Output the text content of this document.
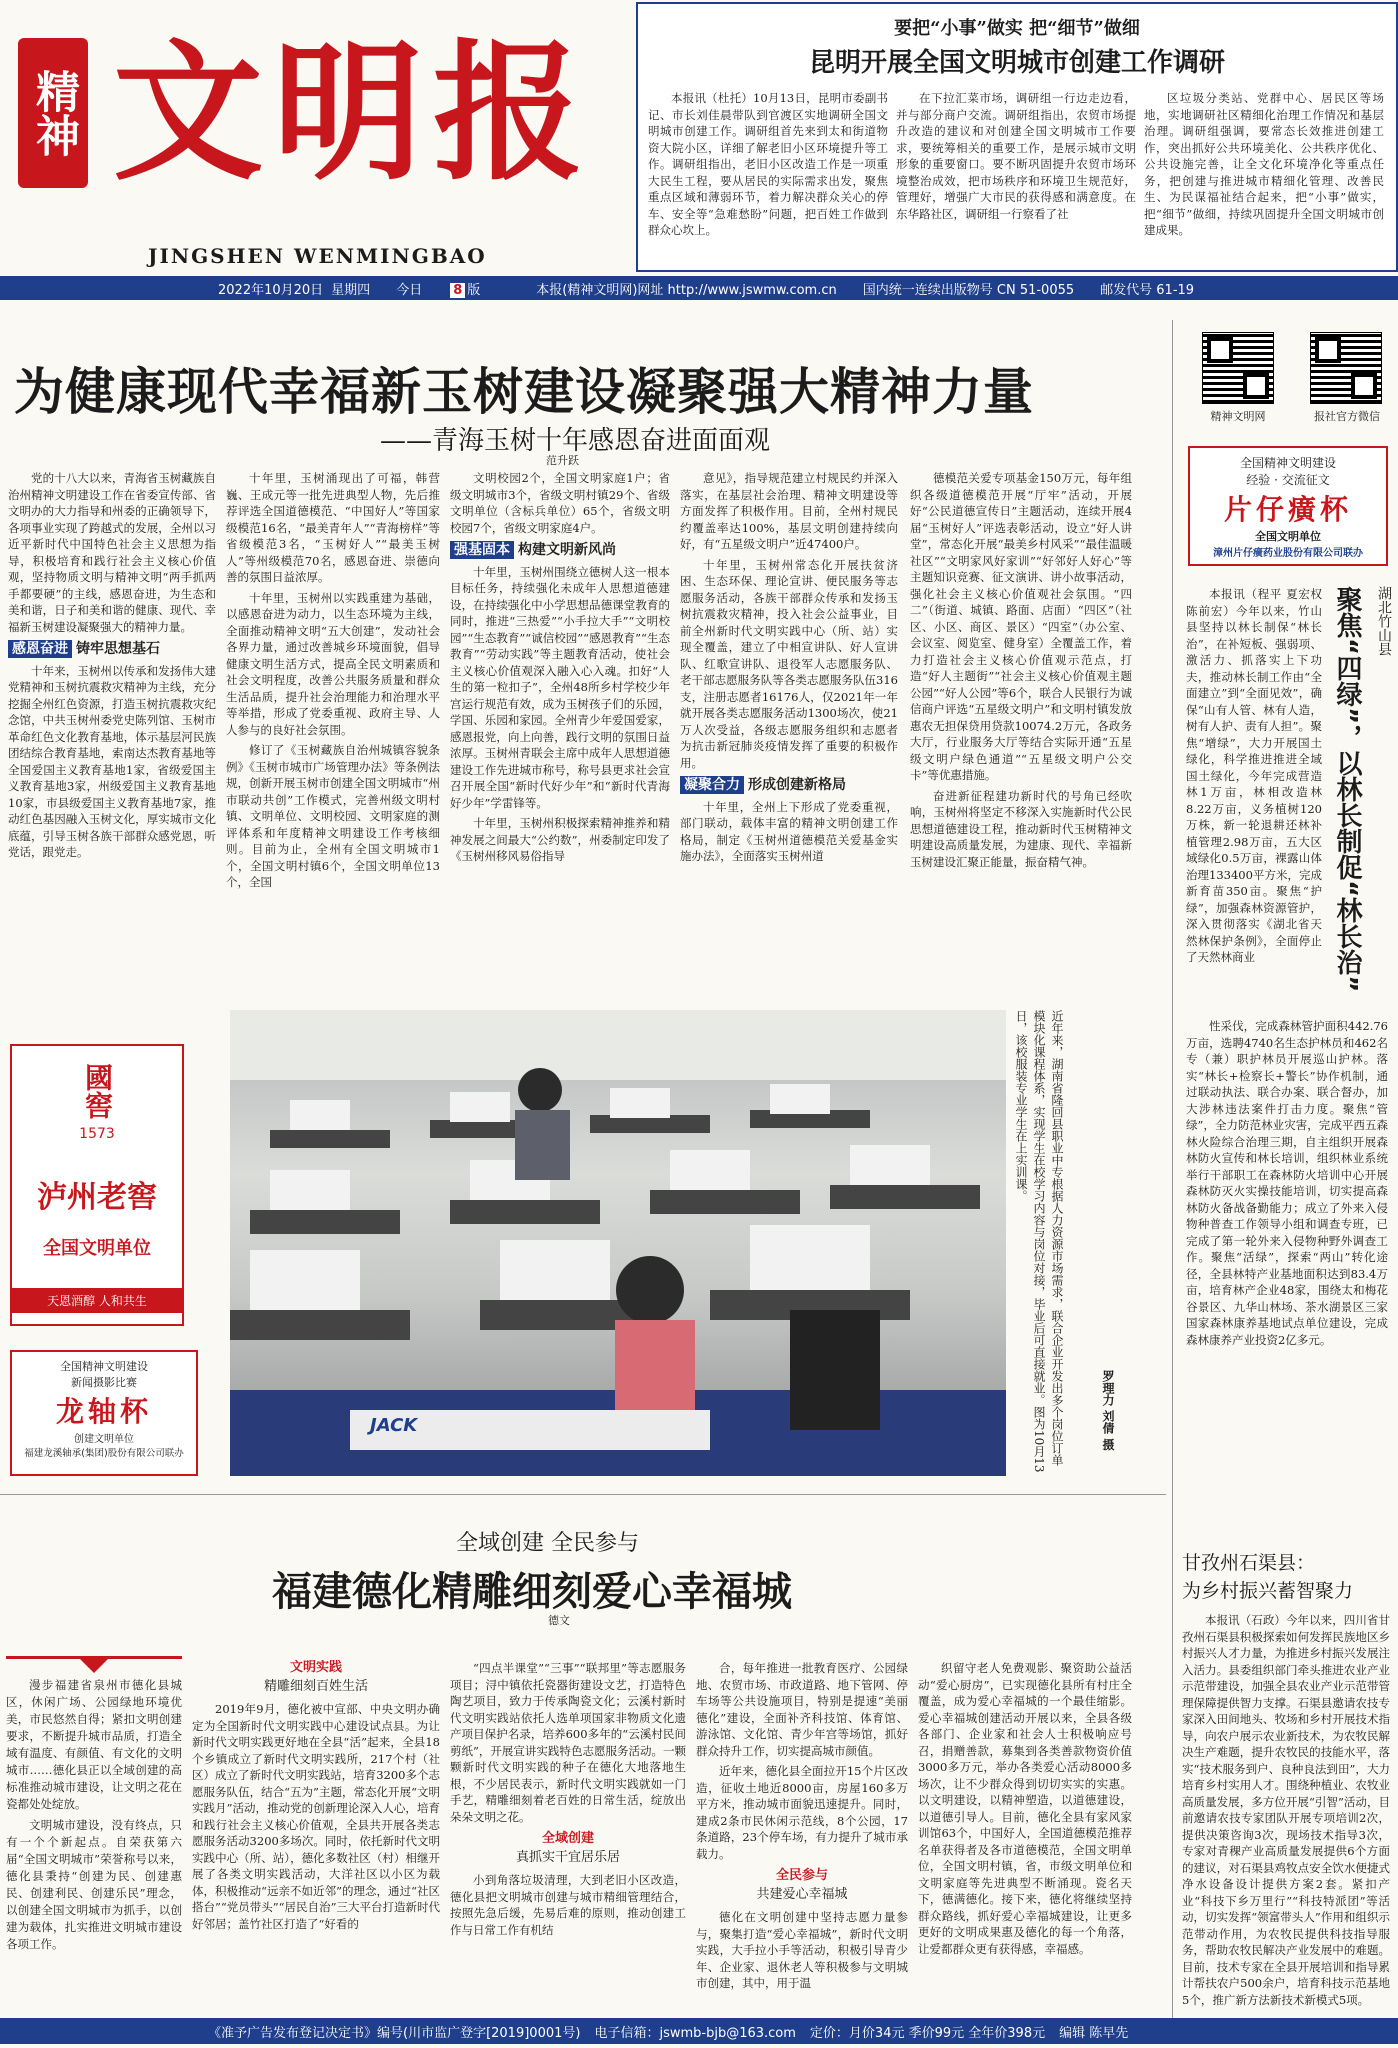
精神 文 明 报
JINGSHEN WENMINGBAO
要把“小事”做实 把“细节”做细
昆明开展全国文明城市创建工作调研

本报讯（杜托）10月13日，昆明市委副书记、市长刘佳晨带队到官渡区实地调研全国文明城市创建工作。调研组首先来到太和街道物资大院小区，详细了解老旧小区环境提升等工作。调研组指出，老旧小区改造工作是一项重大民生工程，要从居民的实际需求出发，聚焦重点区域和薄弱环节，着力解决群众关心的停车、安全等“急难愁盼”问题，把百姓工作做到群众心坎上。

在下拉汇菜市场，调研组一行边走边看，并与部分商户交流。调研组指出，农贸市场提升改造的建议和对创建全国文明城市工作要求，要统筹相关的重要工作，是展示城市文明形象的重要窗口。要不断巩固提升农贸市场环境整治成效，把市场秩序和环境卫生规范好，管理好，增强广大市民的获得感和满意度。在东华路社区，调研组一行察看了社

区垃圾分类站、党群中心、居民区等场地，实地调研社区精细化治理工作情况和基层治理。调研组强调，要常态长效推进创建工作，突出抓好公共环境美化、公共秩序优化、公共设施完善，让全文化环境净化等重点任务，把创建与推进城市精细化管理、改善民生、为民谋福祉结合起来，把“小事”做实，把“细节”做细，持续巩固提升全国文明城市创建成果。

2022年10月20日 星期四 今日 8 版	本报(精神文明网)网址 http://www.jswmw.com.cn 国内统一连续出版物号 CN 51-0055 邮发代号 61-19
为健康现代幸福新玉树建设凝聚强大精神力量
——青海玉树十年感恩奋进面面观
范升跃

党的十八大以来，青海省玉树藏族自治州精神文明建设工作在省委宣传部、省文明办的大力指导和州委的正确领导下，各项事业实现了跨越式的发展，全州以习近平新时代中国特色社会主义思想为指导，积极培育和践行社会主义核心价值观，坚持物质文明与精神文明“两手抓两手都要硬”的主线，感恩奋进，为生态和美和谐，日子和美和谐的健康、现代、幸福新玉树建设凝聚强大的精神力量。

感恩奋进 铸牢思想基石

十年来，玉树州以传承和发扬伟大建党精神和玉树抗震救灾精神为主线，充分挖掘全州红色资源，打造玉树抗震救灾纪念馆，中共玉树州委党史陈列馆、玉树市革命红色文化教育基地，体示基层河民族团结综合教育基地，索南达杰教育基地等全国爱国主义教育基地1家，省级爱国主义教育基地3家，州级爱国主义教育基地10家，市县级爱国主义教育基地7家，推动红色基因融入玉树文化，厚实城市文化底蕴，引导玉树各族干部群众感党恩，听党话，跟党走。

十年里，玉树涌现出了可福，韩营巍、王成元等一批先进典型人物，先后推荐评选全国道德模范、“中国好人”等国家级模范16名，“最美青年人”“青海榜样”等省级模范3名，“玉树好人”“最美玉树人”等州级模范70名，感恩奋进、崇德向善的氛围日益浓厚。

十年里，玉树州以实践重建为基础，以感恩奋进为动力，以生态环境为主线，全面推动精神文明“五大创建”，发动社会各界力量，通过改善城乡环境面貌，倡导健康文明生活方式，提高全民文明素质和社会文明程度，改善公共服务质量和群众生活品质，提升社会治理能力和治理水平等举措，形成了党委重视、政府主导、人人参与的良好社会氛围。

修订了《玉树藏族自治州城镇容貌条例》《玉树市城市广场管理办法》等条例法规，创新开展玉树市创建全国文明城市“州市联动共创”工作模式，完善州级文明村镇、文明单位、文明校园、文明家庭的测评体系和年度精神文明建设工作考核细则。目前为止，全州有全国文明城市1个，全国文明村镇6个，全国文明单位13个，全国

文明校园2个，全国文明家庭1户；省级文明城市3个，省级文明村镇29个、省级文明单位（含标兵单位）65个，省级文明校园7个，省级文明家庭4户。

强基固本 构建文明新风尚

十年里，玉树州围绕立德树人这一根本目标任务，持续强化未成年人思想道德建设，在持续强化中小学思想品德课堂教育的同时，推进“三热爱”“小手拉大手”“文明校园”“生态教育”“诚信校园”“感恩教育”“生态教育”“劳动实践”等主题教育活动，使社会主义核心价值观深入融入心入魂。扣好“人生的第一粒扣子”，全州48所乡村学校少年宫运行规范有效，成为玉树孩子们的乐园，学国、乐园和家园。全州青少年爱国爱家，感恩报党，向上向善，践行文明的氛围日益浓厚。玉树州青联会主席中成年人思想道德建设工作先进城市称号，称号县更求社会宣召开展全国“新时代好少年”和“新时代青海好少年”学雷锋等。

十年里，玉树州积极探索精神推养和精神发展之间最大“公约数”，州委制定印发了《玉树州移风易俗指导

意见》，指导规范建立村规民约并深入落实，在基层社会治理、精神文明建设等方面发挥了积极作用。目前，全州村规民约覆盖率达100%，基层文明创建持续向好，有“五星级文明户”近47400户。

十年里，玉树州常态化开展扶贫济困、生态环保、理论宣讲、便民服务等志愿服务活动，各族干部群众传承和发扬玉树抗震救灾精神，投入社会公益事业，目前全州新时代文明实践中心（所、站）实现全覆盖，建立了中相宣讲队、好人宣讲队、红歌宣讲队、退役军人志愿服务队、老干部志愿服务队等各类志愿服务队伍316支，注册志愿者16176人，仅2021年一年就开展各类志愿服务活动1300场次，使21万人次受益，各级志愿服务组织和志愿者为抗击新冠肺炎疫情发挥了重要的积极作用。

凝聚合力 形成创建新格局

十年里，全州上下形成了党委重视，部门联动，载体丰富的精神文明创建工作格局，制定《玉树州道德模范关爱基金实施办法》，全面落实玉树州道

德模范关爱专项基金150万元，每年组织各级道德模范开展“厅牢”活动，开展好“公民道德宣传日”主题活动，连续开展4届“玉树好人”评选表彰活动，设立“好人讲堂”，常态化开展“最美乡村风采”“最佳温暖社区”“文明家风好家训”“好邻好人好心”等主题知识竞赛、征文演讲、讲小故事活动，强化社会主义核心价值观社会氛围。“四二”（街道、城镇、路面、店面）“四区”（社区、小区、商区、景区）“四室”（办公室、会议室、阅览室、健身室）全覆盖工作，着力打造社会主义核心价值观示范点，打造“好人主题街”“社会主义核心价值观主题公园”“好人公园”等6个，联合人民银行为诚信商户评选“五星级文明户”和文明村镇发放惠农无担保贷用贷款10074.2万元，各政务大厅，行业服务大厅等结合实际开通“五星级文明户绿色通道”“五星级文明户公交卡”等优惠措施。

奋进新征程建功新时代的号角已经吹响，玉树州将坚定不移深入实施新时代公民思想道德建设工程，推动新时代玉树精神文明建设高质量发展，为建康、现代、幸福新玉树建设汇聚正能量，振奋精气神。

精神文明网	报社官方微信
全国精神文明建设
经验 · 交流征文
片仔癀杯
全国文明单位
漳州片仔癀药业股份有限公司联办
聚焦“四绿”，以林长制促“林长治” 湖北竹山县

本报讯（程平 夏宏权 陈前宏）今年以来，竹山县坚持以林长制保“林长治”，在补短板、强弱项、激活力、抓落实上下功夫，推动林长制工作由“全面建立”到“全面见效”，确保“山有人管、林有人造，树有人护、责有人担”。聚焦“增绿”，大力开展国土绿化，科学推进推进全域国土绿化，今年完成营造林1万亩，林相改造林8.22万亩，义务植树120万株，新一轮退耕还林补植管理2.98万亩，五大区域绿化0.5万亩，裸露山体治理133400平方米，完成新育苗350亩。聚焦“护绿”，加强森林资源管护，深入贯彻落实《湖北省天然林保护条例》，全面停止了天然林商业

性采伐，完成森林管护面积442.76万亩，选聘4740名生态护林员和462名专（兼）职护林员开展巡山护林。落实“林长+检察长+警长”协作机制，通过联动执法、联合办案、联合督办，加大涉林违法案件打击力度。聚焦“管绿”，全力防范林业灾害，完成平西五森林火险综合治理三期，自主组织开展森林防火宣传和林长培训，组织林业系统举行干部职工在森林防火培训中心开展森林防灭火实操技能培训，切实提高森林防火备战备勤能力；成立了外来入侵物种普查工作领导小组和调查专班，已完成了第一轮外来入侵物种野外调查工作。聚焦“活绿”，探索“两山”转化途径，全县林特产业基地面积达到83.4万亩，培育林产企业48家，围绕太和梅花谷景区、九华山林场、茶水湖景区三家国家森林康养基地试点单位建设，完成森林康养产业投资2亿多元。

JACK	近年来，湖南省隆回县职业中专根据人力资源市场需求，联合企业开发出多个岗位订单模块化课程体系，实现学生在校学习内容与岗位对接，毕业后可直接就业。图为10月13日，该校服装专业学生在上实训课。
罗理力 刘倩 摄
國窖
1573
泸州老窖
全国文明单位
天恩酒醇 人和共生
全国精神文明建设
新闻摄影比赛
龙轴杯
创建文明单位
福建龙溪轴承(集团)股份有限公司联办
全域创建 全民参与
福建德化精雕细刻爱心幸福城
德文

漫步福建省泉州市德化县城区，休闲广场、公园绿地环境优美，市民悠然自得；紧扣文明创建要求，不断提升城市品质，打造全域有温度、有颜值、有文化的文明城市……德化县正以全域创建的高标准推动城市建设，让文明之花在瓷都处处绽放。

文明城市建设，没有终点，只有一个个新起点。自荣获第六届“全国文明城市”荣誉称号以来，德化县秉持“创建为民、创建惠民、创建利民、创建乐民”理念，以创建全国文明城市为抓手，以创建为载体，扎实推进文明城市建设各项工作。

文明实践
精雕细刻百姓生活

2019年9月，德化被中宣部、中央文明办确定为全国新时代文明实践中心建设试点县。为让新时代文明实践更好地在全县“活”起来，全县18个乡镇成立了新时代文明实践所，217个村（社区）成立了新时代文明实践站，培育3200多个志愿服务队伍，结合“五为”主题，常态化开展“文明实践月”活动，推动党的创新理论深入人心，培育和践行社会主义核心价值观，全县共开展各类志愿服务活动3200多场次。同时，依托新时代文明实践中心（所、站），德化多数社区（村）相继开展了各类文明实践活动，大洋社区以小区为载体，积极推动“远亲不如近邻”的理念，通过“社区搭台”“党员带头”“居民自治”三大平台打造新时代好邻居；盖竹社区打造了“好看的

“四点半课堂”“三事”“联邦里”等志愿服务项目；浔中镇依托瓷器街建设文艺，打造特色陶艺项目，致力于传承陶瓷文化；云溪村新时代文明实践站依托人选单项国家非物质文化遗产项目保护名录，培养600多年的“云溪村民间剪纸”，开展宣讲实践特色志愿服务活动。一颗颗新时代文明实践的种子在德化大地落地生根，不少居民表示，新时代文明实践就如一门手艺，精雕细刻着老百姓的日常生活，绽放出朵朵文明之花。

全域创建
真抓实干宜居乐居

小到角落垃圾清理，大到老旧小区改造，德化县把文明城市创建与城市精细管理结合，按照先急后缓，先易后难的原则，推动创建工作与日常工作有机结

合，每年推进一批教育医疗、公园绿地、农贸市场、市政道路、地下管网、停车场等公共设施项目，特别是提速“美丽德化”建设，全面补齐科技馆、体育馆、游泳馆、文化馆、青少年宫等场馆，抓好群众持升工作，切实提高城市颜值。

近年来，德化县全面拉开15个片区改造，征收土地近8000亩，房屋160多万平方米，推动城市面貌迅速提升。同时，建成2条市民休闲示范线，8个公园，17条道路，23个停车场，有力提升了城市承载力。

全民参与
共建爱心幸福城

德化在文明创建中坚持志愿力量参与，聚集打造“爱心幸福城”，新时代文明实践，大手拉小手等活动，积极引导青少年、企业家、退休老人等积极参与文明城市创建，其中，用于温

织留守老人免费观影、聚资助公益活动“爱心厨房”，已实现德化县所有村庄全覆盖，成为爱心幸福城的一个最佳缩影。爱心幸福城创建活动开展以来，全县各级各部门、企业家和社会人士积极响应号召，捐赠善款，募集到各类善款物资价值3000多万元，举办各类爱心活动8000多场次，让不少群众得到切切实实的实惠。以文明建设，以精神塑造，以道德建设，以道德引导人。目前，德化全县有家风家训馆63个，中国好人，全国道德模范推荐名单获得者及各市道德模范，全国文明单位，全国文明村镇，省，市级文明单位和文明家庭等先进典型不断涌现。瓷名天下，德满德化。接下来，德化将继续坚持群众路线，抓好爱心幸福城建设，让更多更好的文明成果惠及德化的每一个角落，让爱都群众更有获得感，幸福感。

甘孜州石渠县：
为乡村振兴蓄智聚力

本报讯（石政）今年以来，四川省甘孜州石渠县积极探索如何发挥民族地区乡村振兴人才力量，为推进乡村振兴发展注入活力。县委组织部门牵头推进农业产业示范带建设，加强全县农业产业示范带管理保障提供智力支撑。石渠县邀请农技专家深入田间地头、牧场和乡村开展技术指导，向农户展示农业新技术，为农牧民解决生产难题，提升农牧民的技能水平，落实“技术服务到户、良种良法到田”，大力培育乡村实用人才。围绕种植业、农牧业高质量发展，多方位开展“引智”活动，目前邀请农技专家团队开展专项培训2次，提供决策咨询3次，现场技术指导3次，专家对青稞产业高质量发展提供6个方面的建议，对石渠县鸡牧点安全饮水便捷式净水设备设计提供方案2套。紧扣产业“科技下乡万里行”“科技特派团”等活动，切实发挥“领富带头人”作用和组织示范带动作用，为农牧民提供科技指导服务，帮助农牧民解决产业发展中的难题。目前，技术专家在全县开展培训和指导累计帮扶农户500余户，培育科技示范基地5个，推广新方法新技术新模式5项。

《准予广告发布登记决定书》编号(川市监广登字[2019]0001号) 电子信箱：jswmb-bjb@163.com 定价：月价34元 季价99元 全年价398元 编辑 陈早先
